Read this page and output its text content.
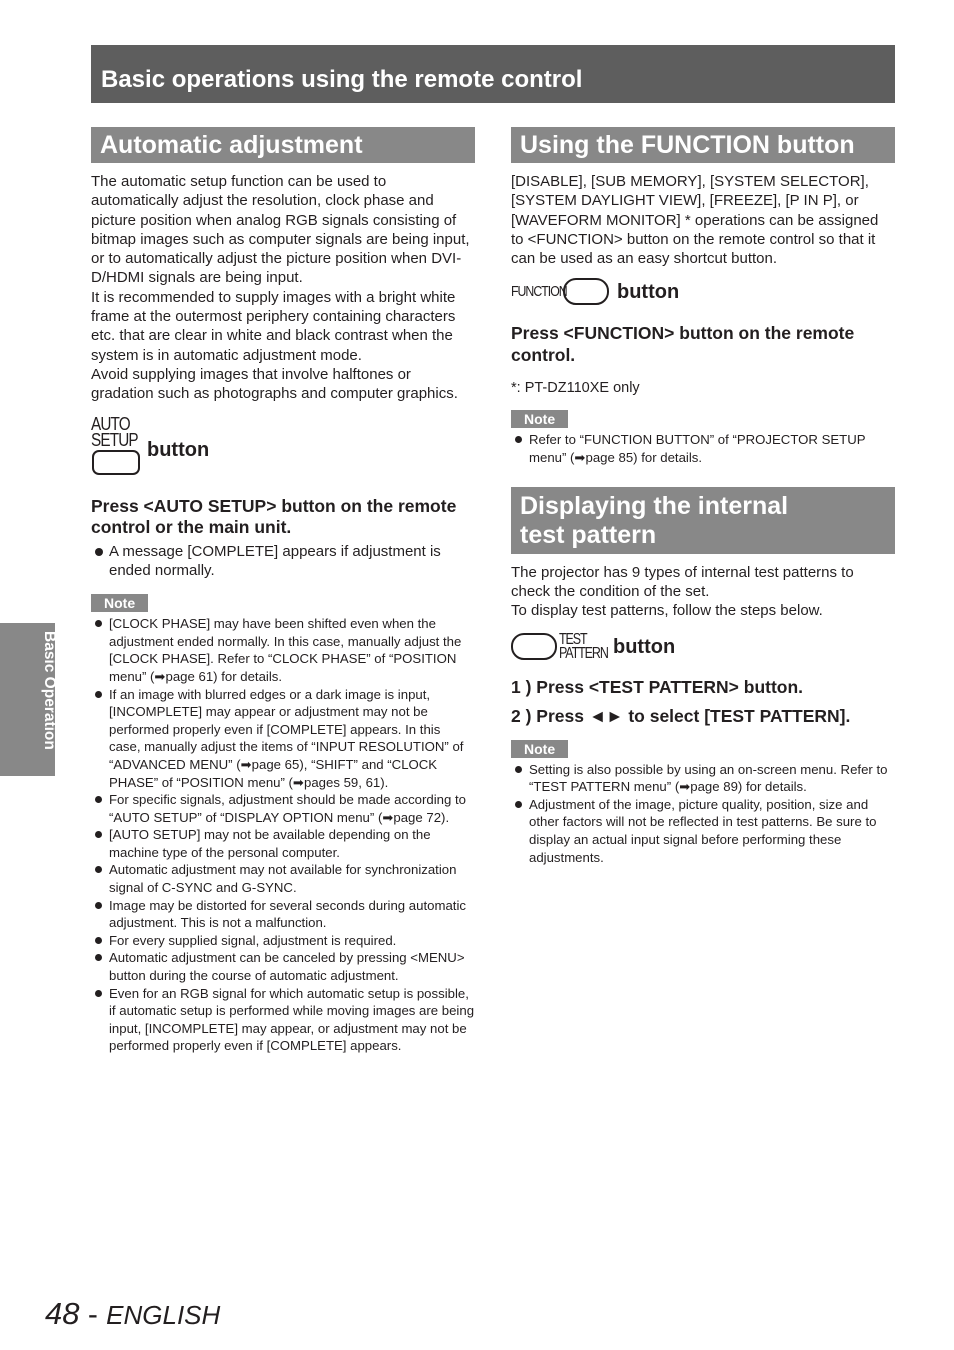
Basic operations using the remote control
Basic Operation
Automatic adjustment

The automatic setup function can be used to automatically adjust the resolution, clock phase and picture position when analog RGB signals consisting of bitmap images such as computer signals are being input, or to automatically adjust the picture position when DVI-D/HDMI signals are being input.

It is recommended to supply images with a bright white frame at the outermost periphery containing characters etc. that are clear in white and black contrast when the system is in automatic adjustment mode.

Avoid supplying images that involve halftones or gradation such as photographs and computer graphics.

AUTO
SETUP button
Press <AUTO SETUP> button on the remote control or the main unit.
A message [COMPLETE] appears if adjustment is ended normally.
Note
[CLOCK PHASE] may have been shifted even when the adjustment ended normally. In this case, manually adjust the [CLOCK PHASE]. Refer to “CLOCK PHASE” of “POSITION menu” (➡page 61) for details.
If an image with blurred edges or a dark image is input, [INCOMPLETE] may appear or adjustment may not be performed properly even if [COMPLETE] appears. In this case, manually adjust the items of “INPUT RESOLUTION” of “ADVANCED MENU” (➡page 65), “SHIFT” and “CLOCK PHASE” of “POSITION menu” (➡pages 59, 61).
For specific signals, adjustment should be made according to “AUTO SETUP” of “DISPLAY OPTION menu” (➡page 72).
[AUTO SETUP] may not be available depending on the machine type of the personal computer.
Automatic adjustment may not available for synchronization signal of C-SYNC and G-SYNC.
Image may be distorted for several seconds during automatic adjustment. This is not a malfunction.
For every supplied signal, adjustment is required.
Automatic adjustment can be canceled by pressing <MENU> button during the course of automatic adjustment.
Even for an RGB signal for which automatic setup is possible, if automatic setup is performed while moving images are being input, [INCOMPLETE] may appear, or adjustment may not be performed properly even if [COMPLETE] appears.
Using the FUNCTION button
[DISABLE], [SUB MEMORY], [SYSTEM SELECTOR], [SYSTEM DAYLIGHT VIEW], [FREEZE], [P IN P], or [WAVEFORM MONITOR] * operations can be assigned to <FUNCTION> button on the remote control so that it can be used as an easy shortcut button.
FUNCTION	button
Press <FUNCTION> button on the remote control.
*: PT-DZ110XE only
Note
Refer to “FUNCTION BUTTON” of “PROJECTOR SETUP menu” (➡page 85) for details.
Displaying the internal
test pattern

The projector has 9 types of internal test patterns to check the condition of the set.

To display test patterns, follow the steps below.

TEST
PATTERN button
1 ) Press <TEST PATTERN> button.
2 ) Press ◄► to select [TEST PATTERN].
Note
Setting is also possible by using an on-screen menu. Refer to “TEST PATTERN menu” (➡page 89) for details.
Adjustment of the image, picture quality, position, size and other factors will not be reflected in test patterns. Be sure to display an actual input signal before performing these adjustments.
48 - ENGLISH
